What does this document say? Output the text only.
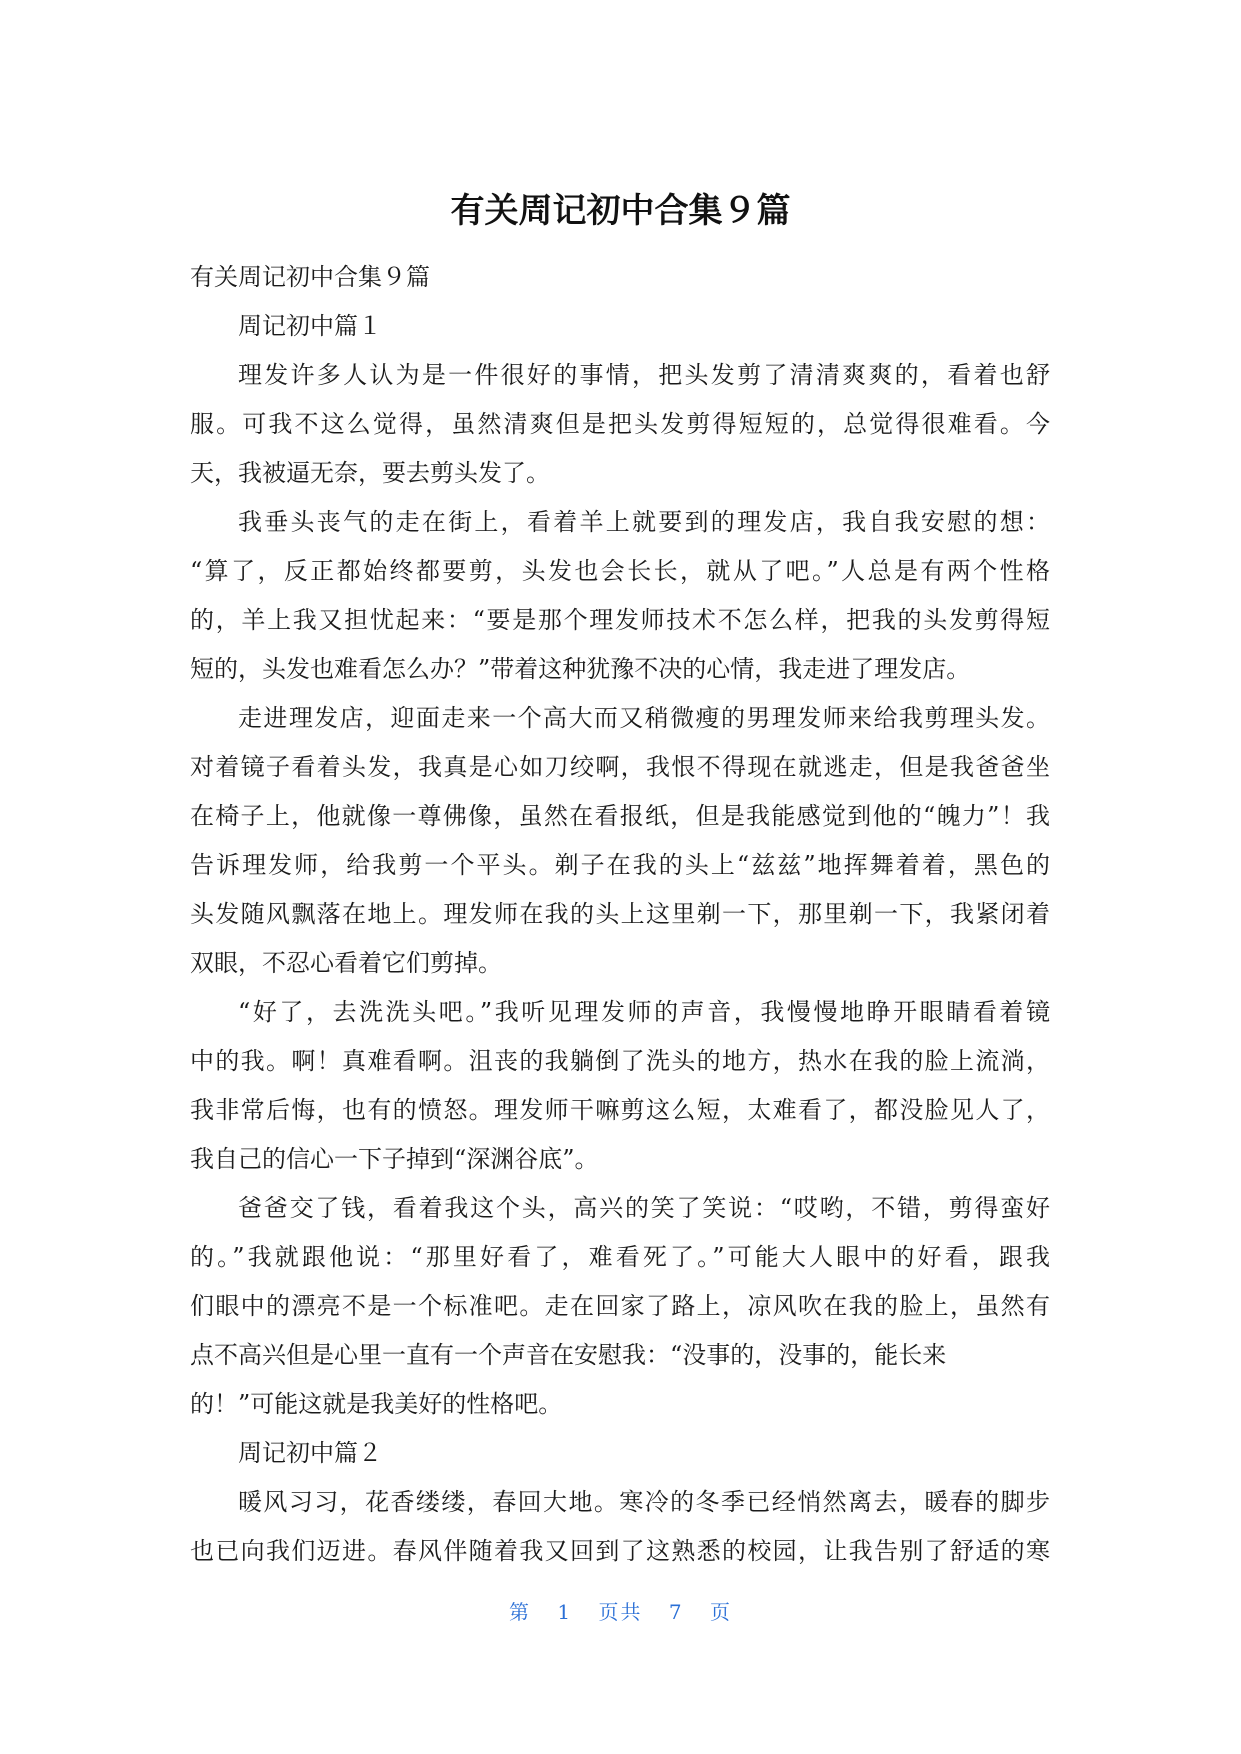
有关周记初中合集９篇
有关周记初中合集９篇
周记初中篇１
理发许多人认为是一件很好的事情，把头发剪了清清爽爽的，看着也舒
服。可我不这么觉得，虽然清爽但是把头发剪得短短的，总觉得很难看。今
天，我被逼无奈，要去剪头发了。
我垂头丧气的走在街上，看着羊上就要到的理发店，我自我安慰的想：
“算了，反正都始终都要剪，头发也会长长，就从了吧。”人总是有两个性格
的，羊上我又担忧起来：“要是那个理发师技术不怎么样，把我的头发剪得短
短的，头发也难看怎么办？”带着这种犹豫不决的心情，我走进了理发店。
走进理发店，迎面走来一个高大而又稍微瘦的男理发师来给我剪理头发。
对着镜子看着头发，我真是心如刀绞啊，我恨不得现在就逃走，但是我爸爸坐
在椅子上，他就像一尊佛像，虽然在看报纸，但是我能感觉到他的“魄力”！我
告诉理发师，给我剪一个平头。剃子在我的头上“兹兹”地挥舞着着，黑色的
头发随风飘落在地上。理发师在我的头上这里剃一下，那里剃一下，我紧闭着
双眼，不忍心看着它们剪掉。
“好了，去洗洗头吧。”我听见理发师的声音，我慢慢地睁开眼睛看着镜
中的我。啊！真难看啊。沮丧的我躺倒了洗头的地方，热水在我的脸上流淌，
我非常后悔，也有的愤怒。理发师干嘛剪这么短，太难看了，都没脸见人了，
我自己的信心一下子掉到“深渊谷底”。
爸爸交了钱，看着我这个头，高兴的笑了笑说：“哎哟，不错，剪得蛮好
的。”我就跟他说：“那里好看了，难看死了。”可能大人眼中的好看，跟我
们眼中的漂亮不是一个标准吧。走在回家了路上，凉风吹在我的脸上，虽然有
点不高兴但是心里一直有一个声音在安慰我：“没事的，没事的，能长来
的！”可能这就是我美好的性格吧。
周记初中篇２
暖风习习，花香缕缕，春回大地。寒冷的冬季已经悄然离去，暖春的脚步
也已向我们迈进。春风伴随着我又回到了这熟悉的校园，让我告别了舒适的寒
第 1 页共 7 页
